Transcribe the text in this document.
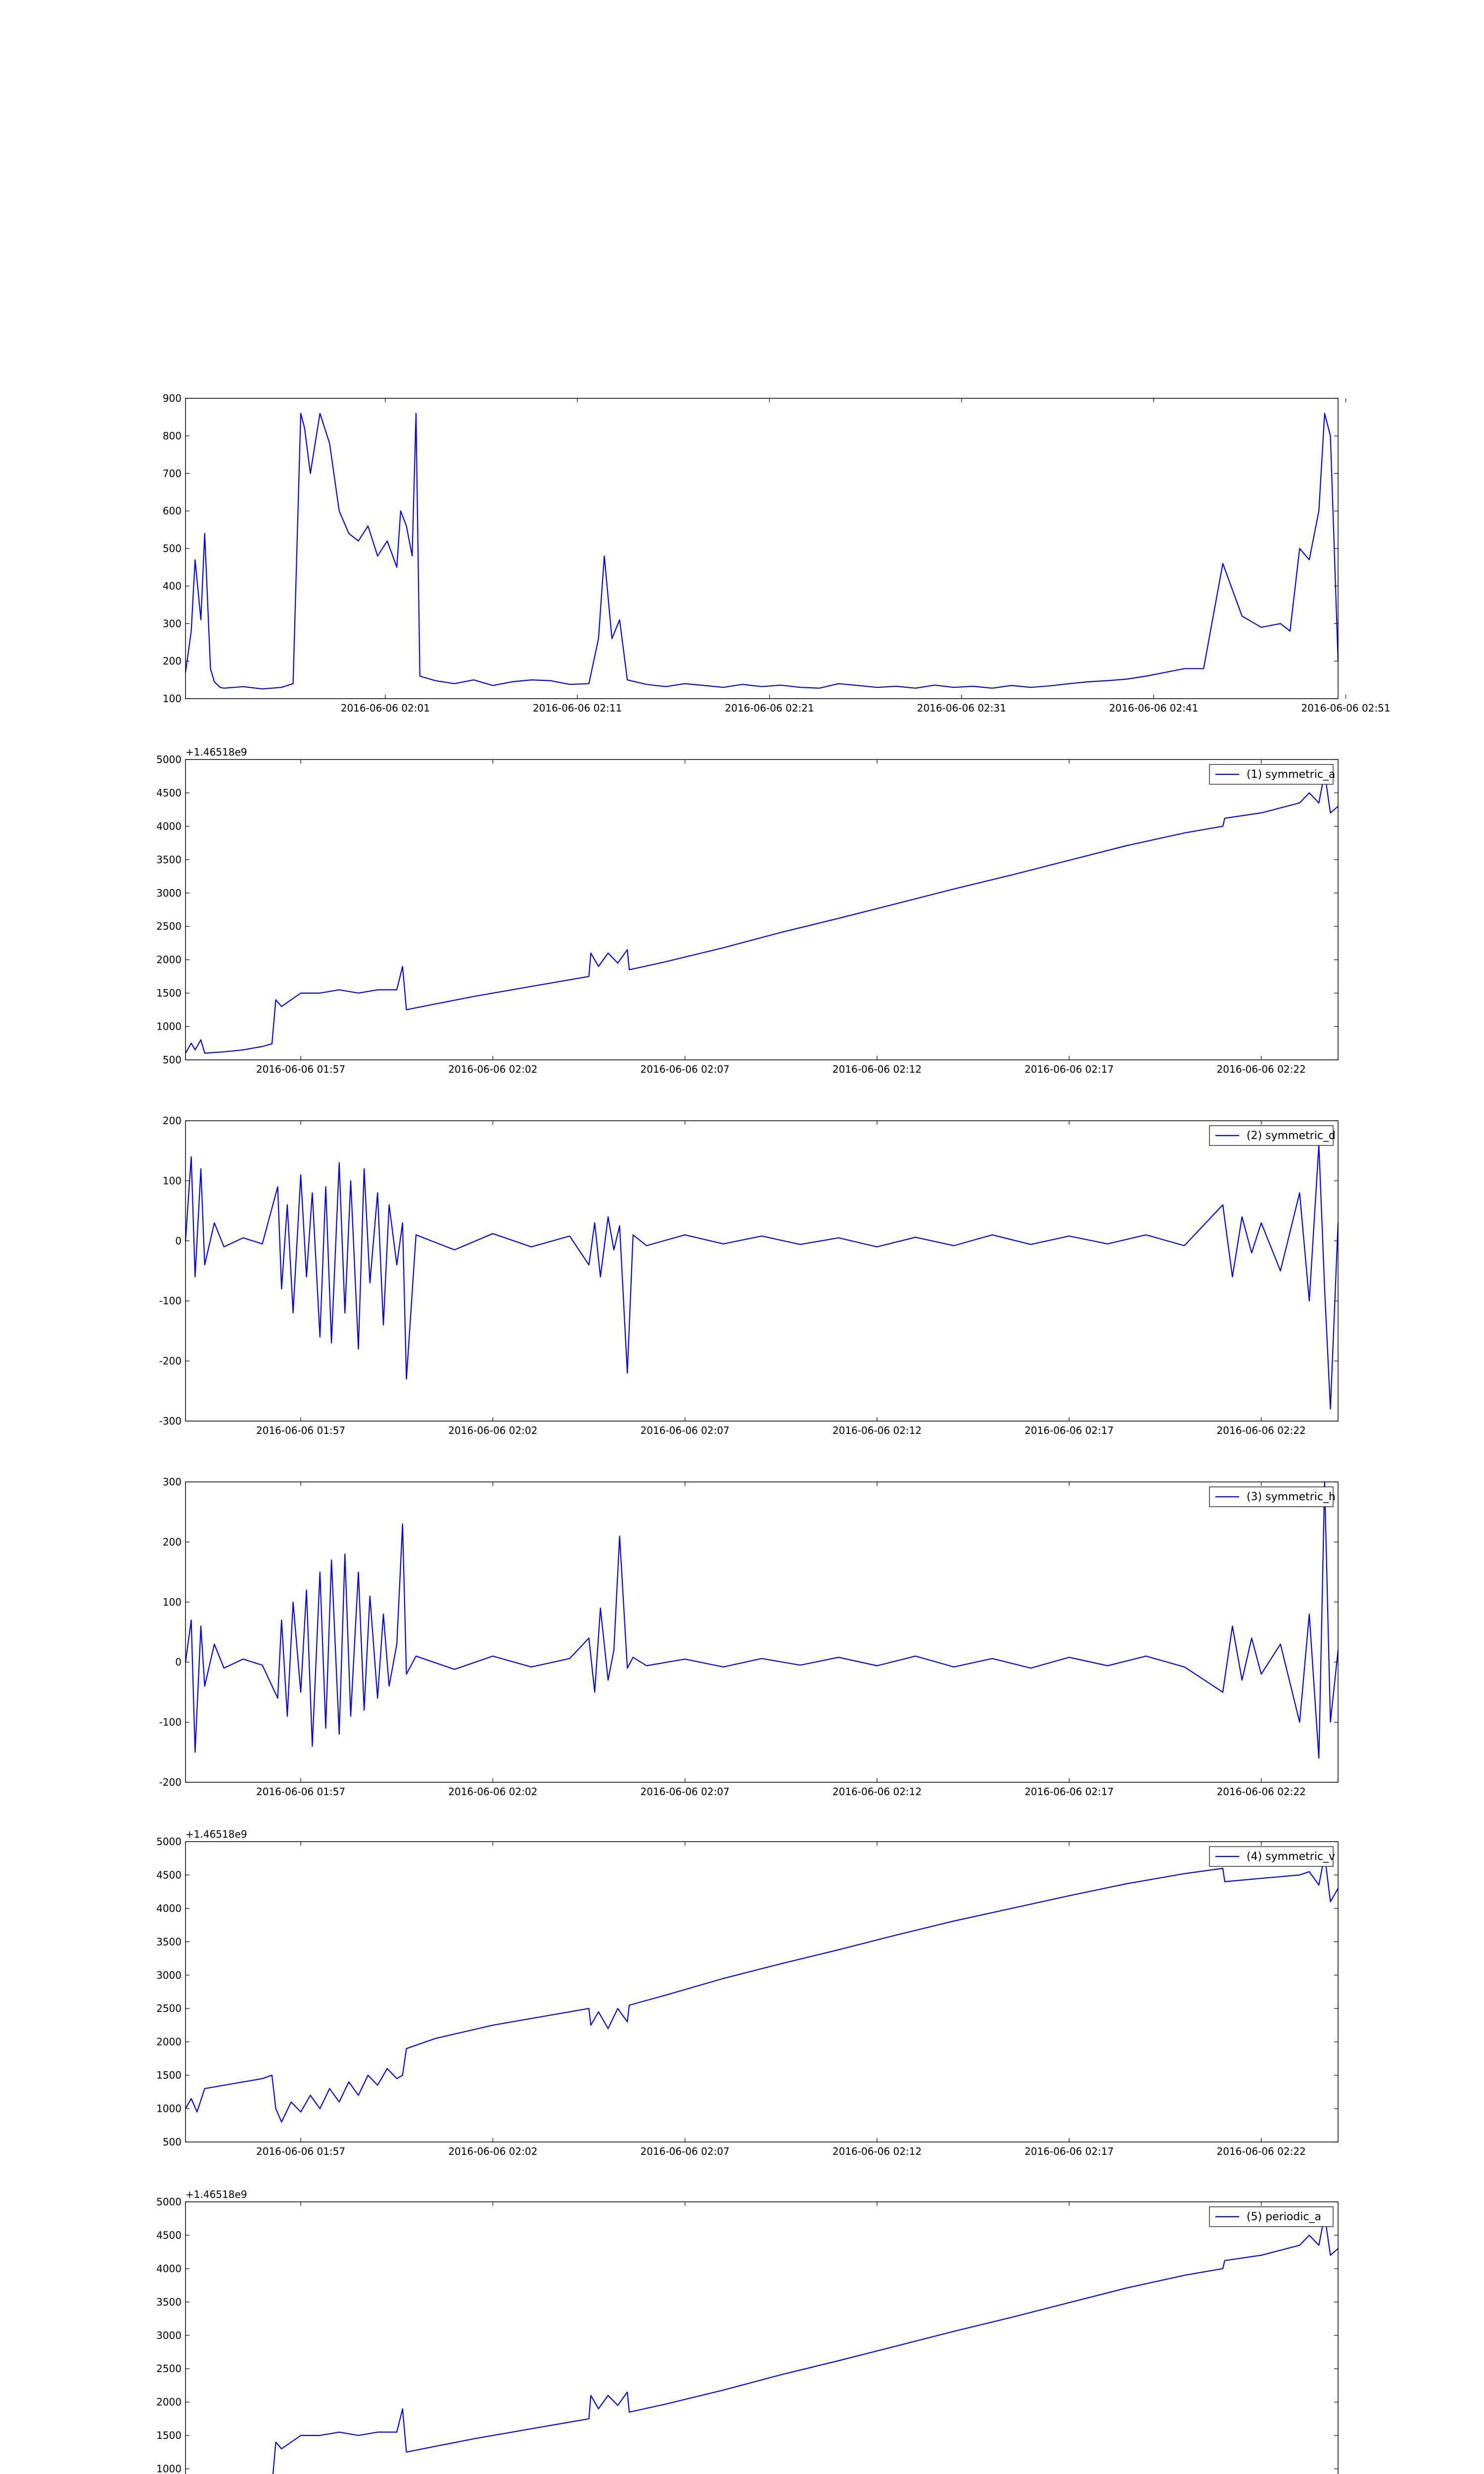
100
200
300
400
500
600
700
800
900
2016-06-06 02:01	2016-06-06 02:11	2016-06-06 02:21	2016-06-06 02:31	2016-06-06 02:41	2016-06-06 02:51
500
1000
1500
2000
2500
3000
3500
4000
4500
5000
2016-06-06 01:57	2016-06-06 02:02	2016-06-06 02:07	2016-06-06 02:12	2016-06-06 02:17	2016-06-06 02:22
+1.46518e9
(1) symmetric_a
-300
-200
-100
0
100
200
2016-06-06 01:57	2016-06-06 02:02	2016-06-06 02:07	2016-06-06 02:12	2016-06-06 02:17	2016-06-06 02:22
(2) symmetric_d
-200
-100
0
100
200
300
2016-06-06 01:57	2016-06-06 02:02	2016-06-06 02:07	2016-06-06 02:12	2016-06-06 02:17	2016-06-06 02:22
(3) symmetric_h
500
1000
1500
2000
2500
3000
3500
4000
4500
5000
2016-06-06 01:57	2016-06-06 02:02	2016-06-06 02:07	2016-06-06 02:12	2016-06-06 02:17	2016-06-06 02:22
+1.46518e9
(4) symmetric_v
1000
1500
2000
2500
3000
3500
4000
4500
5000
+1.46518e9
(5) periodic_a
